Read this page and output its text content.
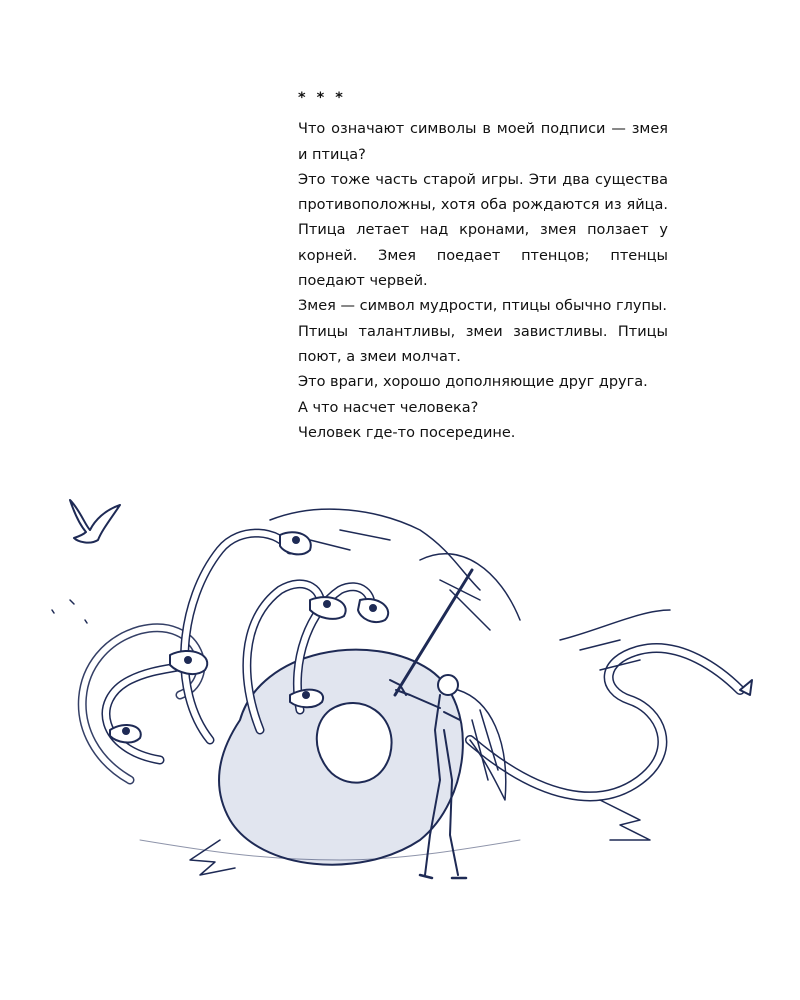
* * *

Что означают символы в моей подписи — змея и птица?

Это тоже часть старой игры. Эти два существа противоположны, хотя оба рождаются из яйца. Птица летает над кронами, змея ползает у корней. Змея поедает птенцов; птенцы поедают червей.

Змея — символ мудрости, птицы обычно глупы.

Птицы талантливы, змеи завистливы. Птицы поют, а змеи молчат.

Это враги, хорошо дополняющие друг друга.

А что насчет человека?

Человек где-то посередине.
